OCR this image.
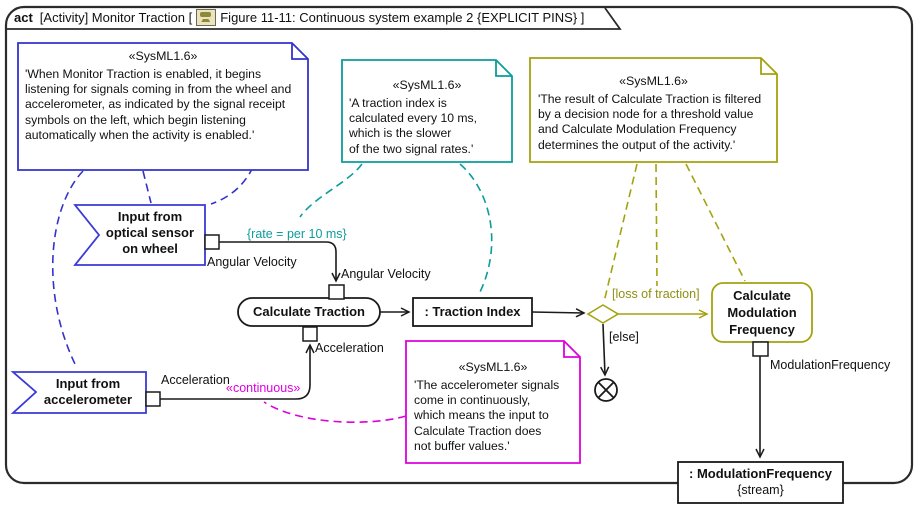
act [Activity] Monitor Traction [ Figure 11-11: Continuous system example 2 {EXPLICIT PINS} ]
«SysML1.6»
'When Monitor Traction is enabled, it begins
listening for signals coming in from the wheel and
accelerometer, as indicated by the signal receipt
symbols on the left, which begin listening
automatically when the activity is enabled.'
«SysML1.6»
'A traction index is
calculated every 10 ms,
which is the slower
of the two signal rates.'
«SysML1.6»
'The result of Calculate Traction is filtered
by a decision node for a threshold value
and Calculate Modulation Frequency
determines the output of the activity.'
«SysML1.6»
'The accelerometer signals
come in continuously,
which means the input to
Calculate Traction does
not buffer values.'
Input from
optical sensor
on wheel
Input from
accelerometer
Calculate Traction	: Traction Index
Calculate
Modulation
Frequency
: ModulationFrequency
{stream}
{rate = per 10 ms}
Angular Velocity
Angular Velocity
Acceleration
Acceleration
«continuous»
[loss of traction]
[else]
ModulationFrequency
